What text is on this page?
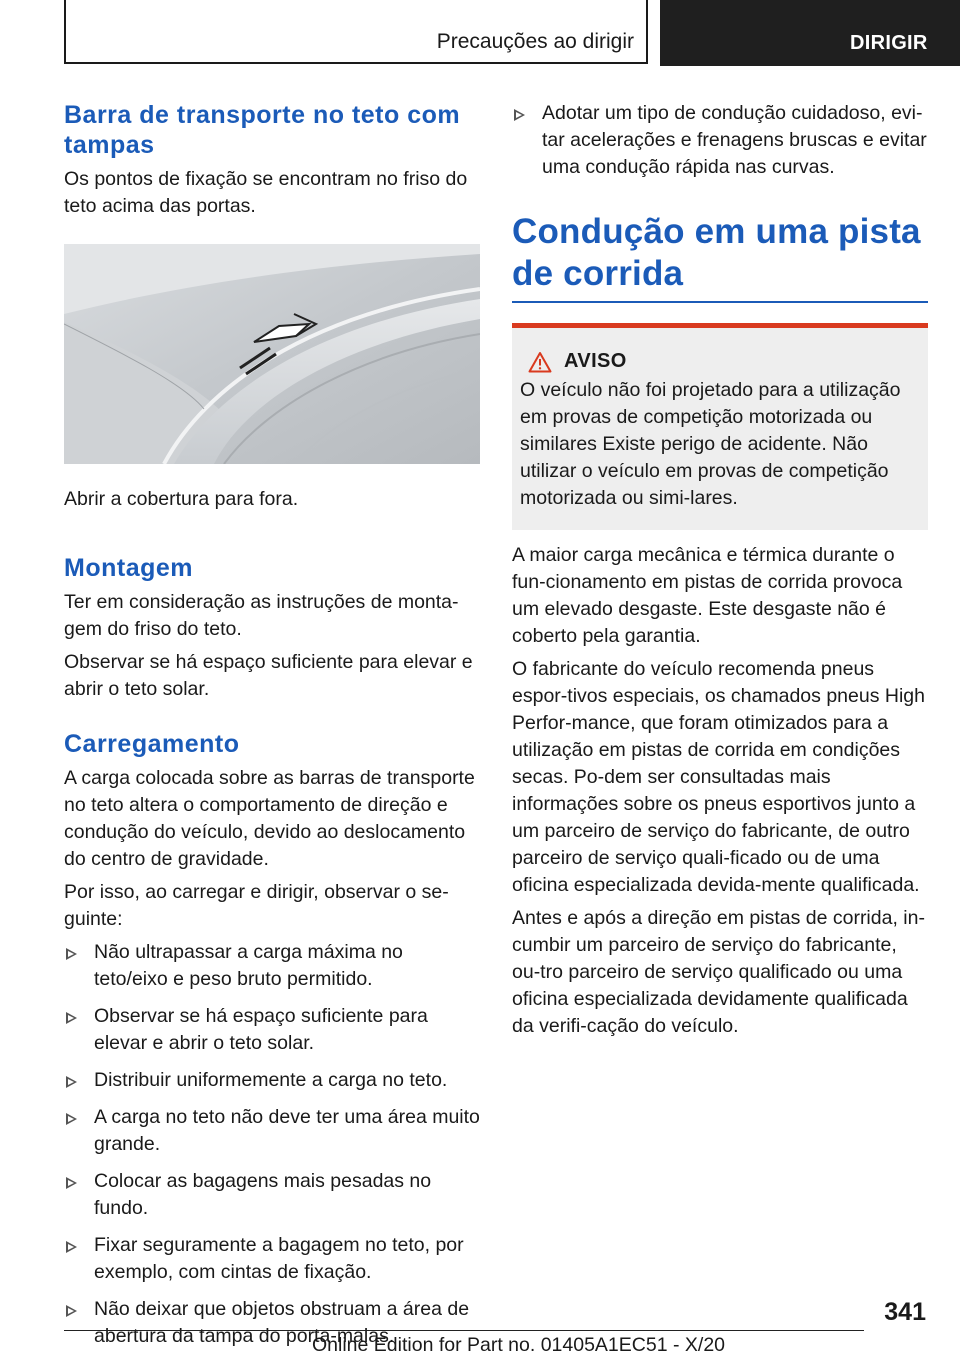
Precauções ao dirigir	DIRIGIR
Barra de transporte no teto com tampas

Os pontos de fixação se encontram no friso do teto acima das portas.

Abrir a cobertura para fora.

Montagem

Ter em consideração as instruções de monta-gem do friso do teto.

Observar se há espaço suficiente para elevar e abrir o teto solar.

Carregamento

A carga colocada sobre as barras de transporte no teto altera o comportamento de direção e condução do veículo, devido ao deslocamento do centro de gravidade.

Por isso, ao carregar e dirigir, observar o se-guinte:

Não ultrapassar a carga máxima no teto/eixo e peso bruto permitido.
Observar se há espaço suficiente para elevar e abrir o teto solar.
Distribuir uniformemente a carga no teto.
A carga no teto não deve ter uma área muito grande.
Colocar as bagagens mais pesadas no fundo.
Fixar seguramente a bagagem no teto, por exemplo, com cintas de fixação.
Não deixar que objetos obstruam a área de abertura da tampa do porta-malas.
Adotar um tipo de condução cuidadoso, evi-tar acelerações e frenagens bruscas e evitar uma condução rápida nas curvas.
Condução em uma pista de corrida
AVISO

O veículo não foi projetado para a utilização em provas de competição motorizada ou similares Existe perigo de acidente. Não utilizar o veículo em provas de competição motorizada ou simi-lares.

A maior carga mecânica e térmica durante o fun-cionamento em pistas de corrida provoca um elevado desgaste. Este desgaste não é coberto pela garantia.

O fabricante do veículo recomenda pneus espor-tivos especiais, os chamados pneus High Perfor-mance, que foram otimizados para a utilização em pistas de corrida em condições secas. Po-dem ser consultadas mais informações sobre os pneus esportivos junto a um parceiro de serviço do fabricante, de outro parceiro de serviço quali-ficado ou de uma oficina especializada devida-mente qualificada.

Antes e após a direção em pistas de corrida, in-cumbir um parceiro de serviço do fabricante, ou-tro parceiro de serviço qualificado ou uma oficina especializada devidamente qualificada da verifi-cação do veículo.

341
Online Edition for Part no. 01405A1EC51 - X/20
